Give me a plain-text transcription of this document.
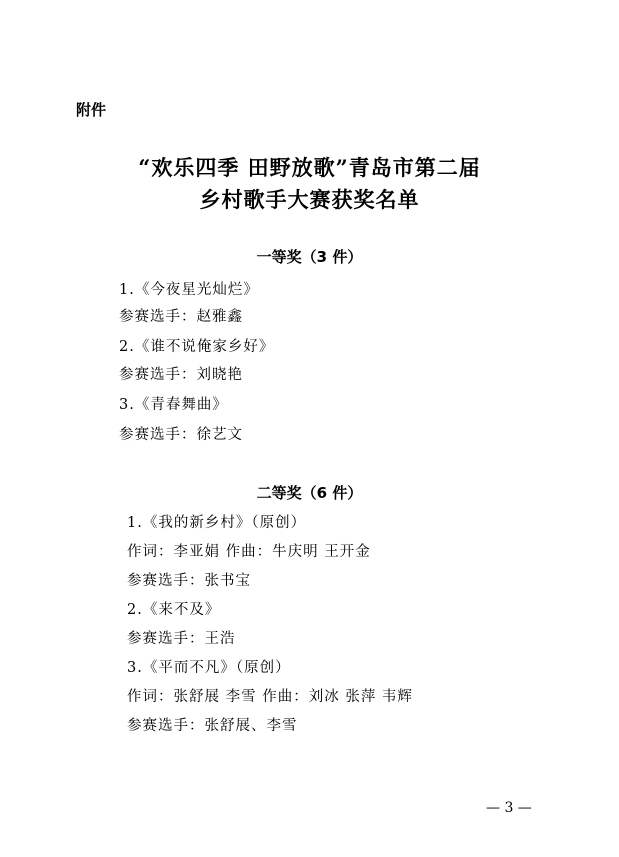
附件
“欢乐四季 田野放歌”青岛市第二届
乡村歌手大赛获奖名单
一等奖（3 件）
1.《今夜星光灿烂》
参赛选手：赵雅鑫
2.《谁不说俺家乡好》
参赛选手：刘晓艳
3.《青春舞曲》
参赛选手：徐艺文
二等奖（6 件）
1.《我的新乡村》（原创）
作词：李亚娟 作曲：牛庆明 王开金
参赛选手：张书宝
2.《来不及》
参赛选手：王浩
3.《平而不凡》（原创）
作词：张舒展 李雪 作曲：刘冰 张萍 韦辉
参赛选手：张舒展、李雪
— 3 —
